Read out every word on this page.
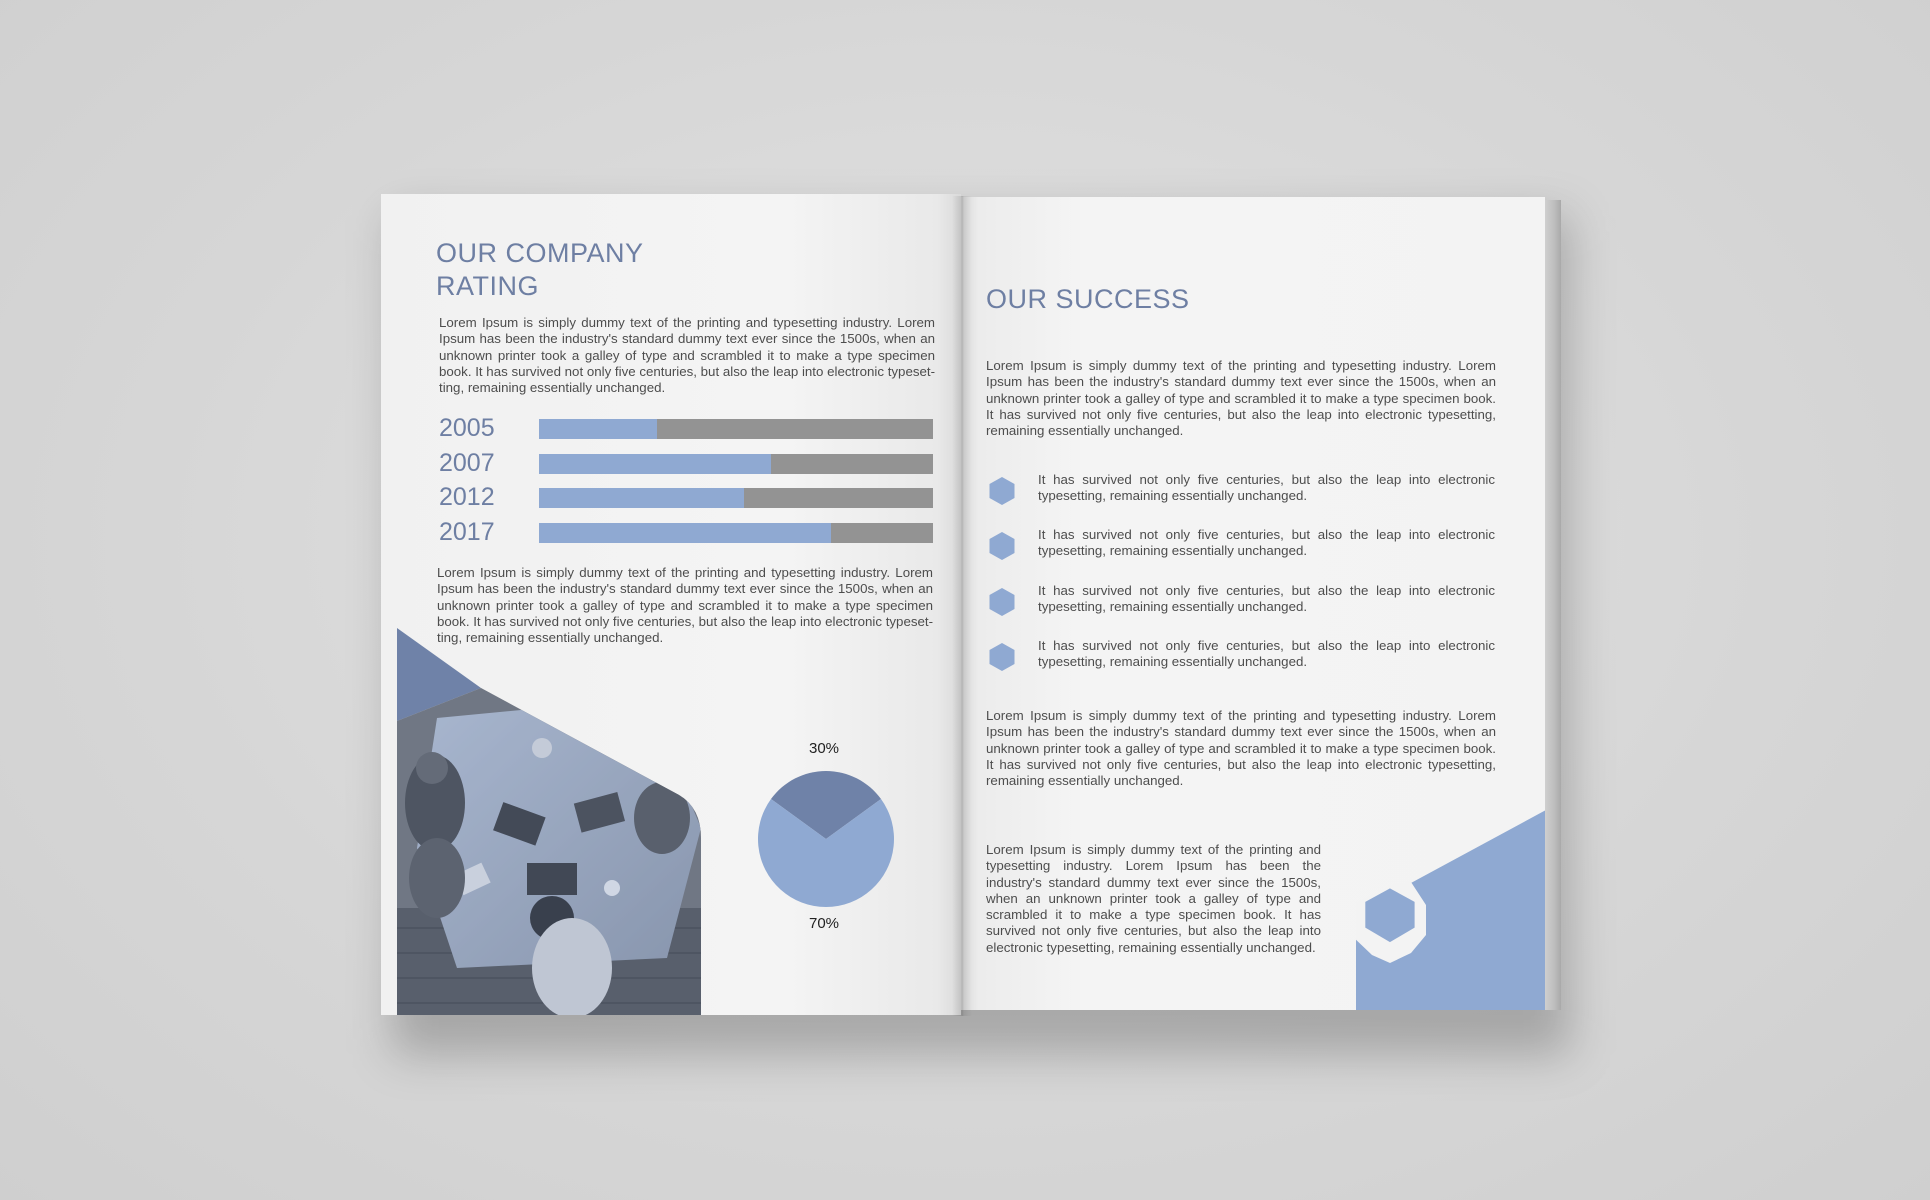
OUR COMPANY
RATING
Lorem Ipsum is simply dummy text of the printing and typesetting industry. Lorem Ipsum has been the industry's standard dummy text ever since the 1500s, when an unknown printer took a galley of type and scrambled it to make a type specimen book. It has survived not only five centuries, but also the leap into electronic typeset-ting, remaining essentially unchanged.
2005
2007
2012
2017
Lorem Ipsum is simply dummy text of the printing and typesetting industry. Lorem Ipsum has been the industry's standard dummy text ever since the 1500s, when an unknown printer took a galley of type and scrambled it to make a type specimen book. It has survived not only five centuries, but also the leap into electronic typeset-ting, remaining essentially unchanged.
30%
70%
OUR SUCCESS
Lorem Ipsum is simply dummy text of the printing and typesetting industry. Lorem Ipsum has been the industry's standard dummy text ever since the 1500s, when an unknown printer took a galley of type and scrambled it to make a type specimen book. It has survived not only five centuries, but also the leap into electronic typesetting, remaining essentially unchanged.
It has survived not only five centuries, but also the leap into electronic typesetting, remaining essentially unchanged.
It has survived not only five centuries, but also the leap into electronic typesetting, remaining essentially unchanged.
It has survived not only five centuries, but also the leap into electronic typesetting, remaining essentially unchanged.
It has survived not only five centuries, but also the leap into electronic typesetting, remaining essentially unchanged.
Lorem Ipsum is simply dummy text of the printing and typesetting industry. Lorem Ipsum has been the industry's standard dummy text ever since the 1500s, when an unknown printer took a galley of type and scrambled it to make a type specimen book. It has survived not only five centuries, but also the leap into electronic typesetting, remaining essentially unchanged.
Lorem Ipsum is simply dummy text of the printing and typesetting industry. Lorem Ipsum has been the industry's standard dummy text ever since the 1500s, when an unknown printer took a galley of type and scrambled it to make a type specimen book. It has survived not only five centuries, but also the leap into electronic typesetting, remaining essentially unchanged.
